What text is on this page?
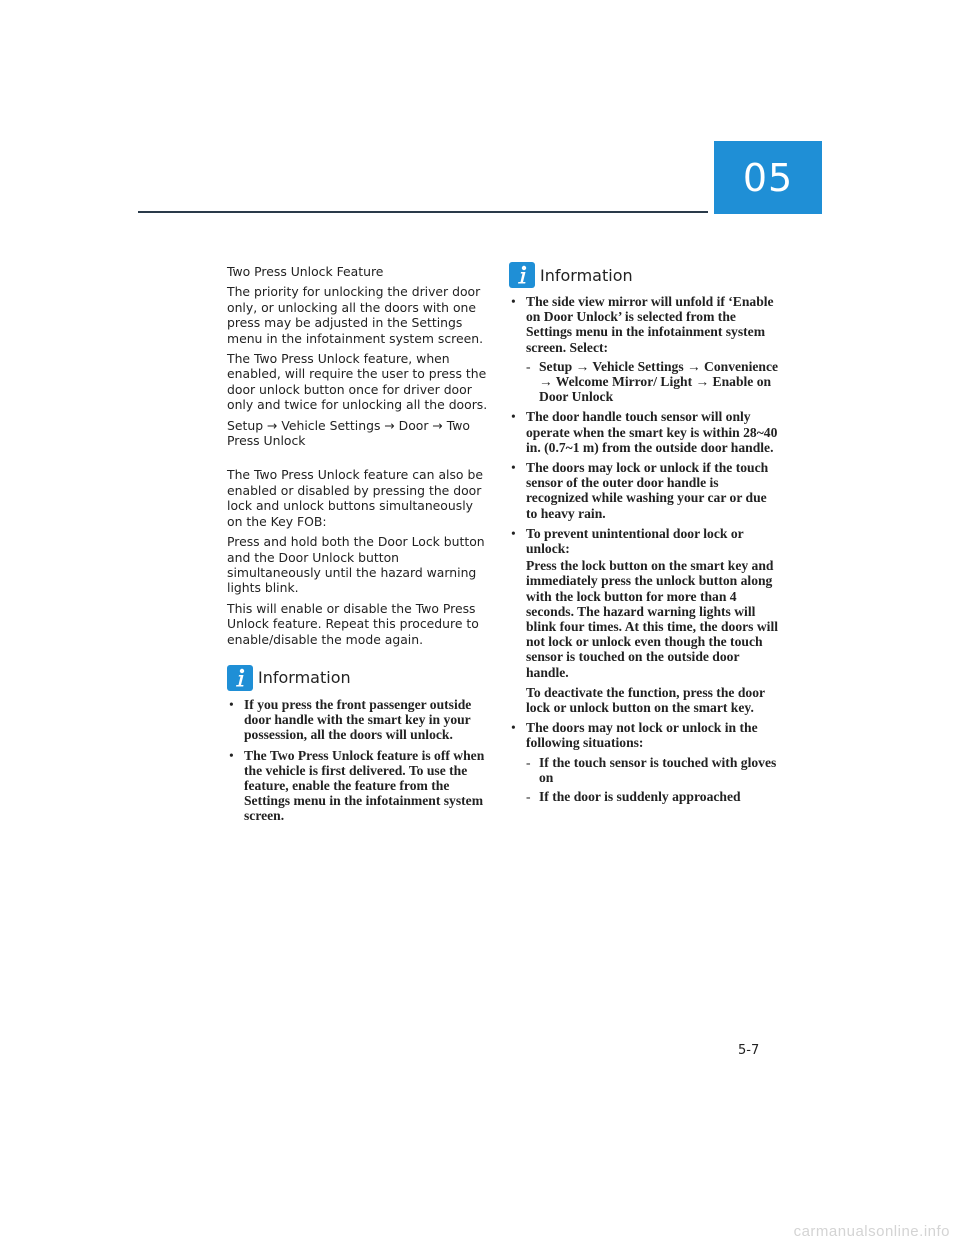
05

Two Press Unlock Feature

The priority for unlocking the driver door only, or unlocking all the doors with one press may be adjusted in the Settings menu in the infotainment system screen.

The Two Press Unlock feature, when enabled, will require the user to press the door unlock button once for driver door only and twice for unlocking all the doors.

Setup → Vehicle Settings → Door → Two Press Unlock

The Two Press Unlock feature can also be enabled or disabled by pressing the door lock and unlock buttons simultaneously on the Key FOB:

Press and hold both the Door Lock button and the Door Unlock button simultaneously until the hazard warning lights blink.

This will enable or disable the Two Press Unlock feature. Repeat this procedure to enable/disable the mode again.

Information
• If you press the front passenger outside door handle with the smart key in your possession, all the doors will unlock.
• The Two Press Unlock feature is off when the vehicle is first delivered. To use the feature, enable the feature from the Settings menu in the infotainment system screen.
Information
• The side view mirror will unfold if ‘Enable on Door Unlock’ is selected from the Settings menu in the infotainment system screen. Select:
- Setup → Vehicle Settings → Convenience → Welcome Mirror/ Light → Enable on Door Unlock
• The door handle touch sensor will only operate when the smart key is within 28~40 in. (0.7~1 m) from the outside door handle.
• The doors may lock or unlock if the touch sensor of the outer door handle is recognized while washing your car or due to heavy rain.
• To prevent unintentional door lock or unlock:

Press the lock button on the smart key and immediately press the unlock button along with the lock button for more than 4 seconds. The hazard warning lights will blink four times. At this time, the doors will not lock or unlock even though the touch sensor is touched on the outside door handle.

To deactivate the function, press the door lock or unlock button on the smart key.

• The doors may not lock or unlock in the following situations:
- If the touch sensor is touched with gloves on
- If the door is suddenly approached
5-7
carmanualsonline.info
